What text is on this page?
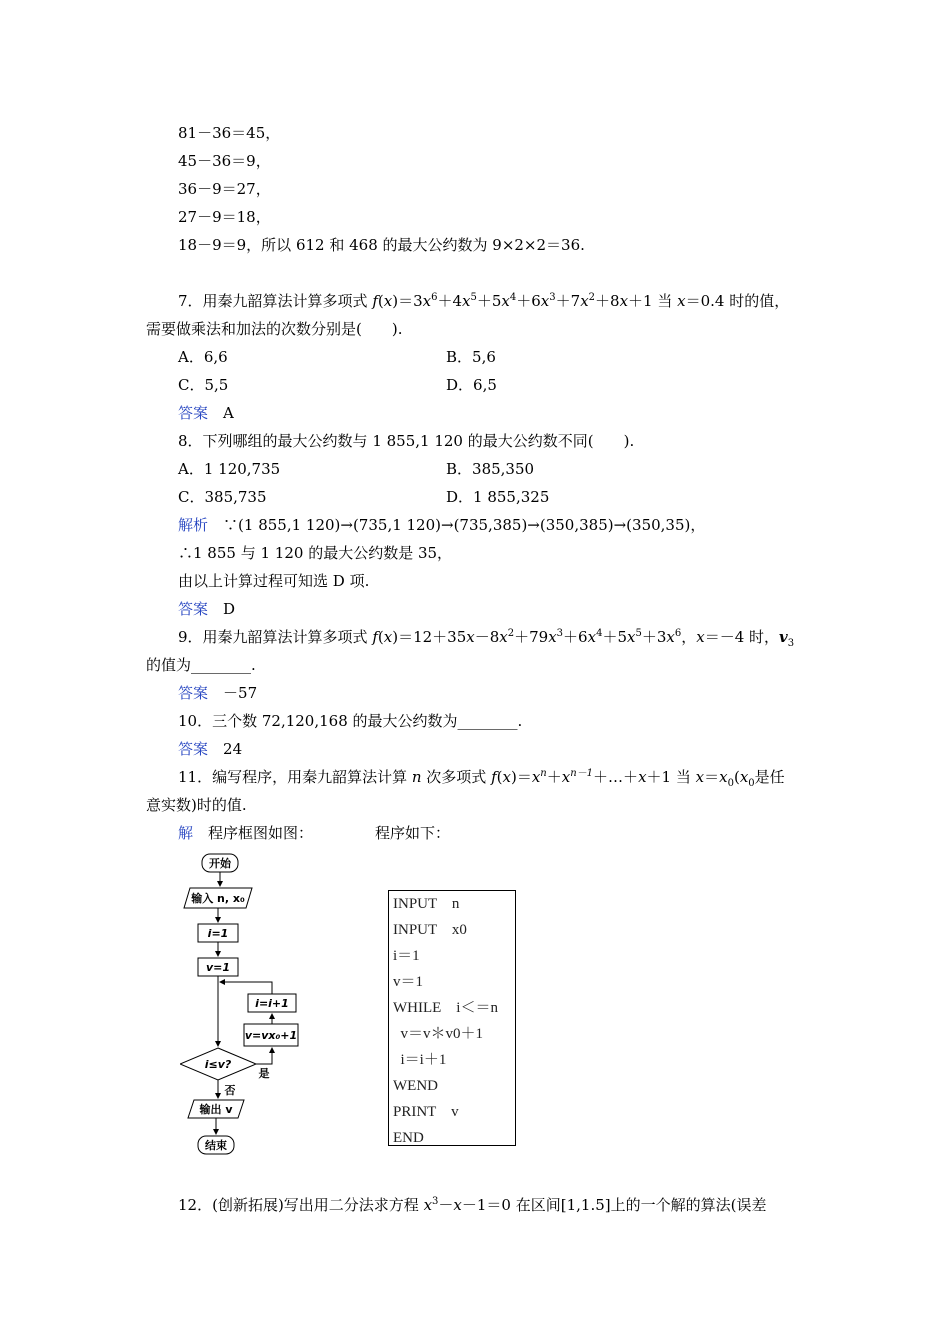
81－36＝45，
45－36＝9，
36－9＝27，
27－9＝18，
18－9＝9，所以 612 和 468 的最大公约数为 9×2×2＝36.
7．用秦九韶算法计算多项式 $f(x)=3x^6+4x^5+5x^4+6x^3+7x^2+8x+1$ 当 x＝0.4 时的值，
需要做乘法和加法的次数分别是(　　).
A．6,6	B．5,6
C．5,5	D．6,5
答案　 A
8．下列哪组的最大公约数与 1 855,1 120 的最大公约数不同(　　).
A．1 120,735	B．385,350
C．385,735	D．1 855,325
解析　 ∵(1 855,1 120)→(735,1 120)→(735,385)→(350,385)→(350,35)，
∴1 855 与 1 120 的最大公约数是 35，
由以上计算过程可知选 D 项.
答案　 D
9．用秦九韶算法计算多项式 $f(x)=12+35x-8x^2+79x^3+6x^4+5x^5+3x^6$，x＝－4 时，$v_3$
的值为________.
答案　 －57
10．三个数 72,120,168 的最大公约数为________.
答案　 24
11．编写程序，用秦九韶算法计算 n 次多项式 $f(x)=x^n+x^{n-1}+\dots+x+1$ 当 $x=x_0(x_0$是任
意实数)时的值.
解　 程序框图如图：	程序如下：
开始
输入 n, x₀
i=1
v=1
i=i+1
v=vx₀+1
i≤v?
是
否
输出 v
结束
INPUT　n
INPUT　x0
i＝1
v＝1
WHILE　i＜＝n
v＝v＊v0＋1
i＝i＋1
WEND
PRINT　v
END
12．(创新拓展)写出用二分法求方程 $x^3-x-1=0$ 在区间[1,1.5]上的一个解的算法(误差
